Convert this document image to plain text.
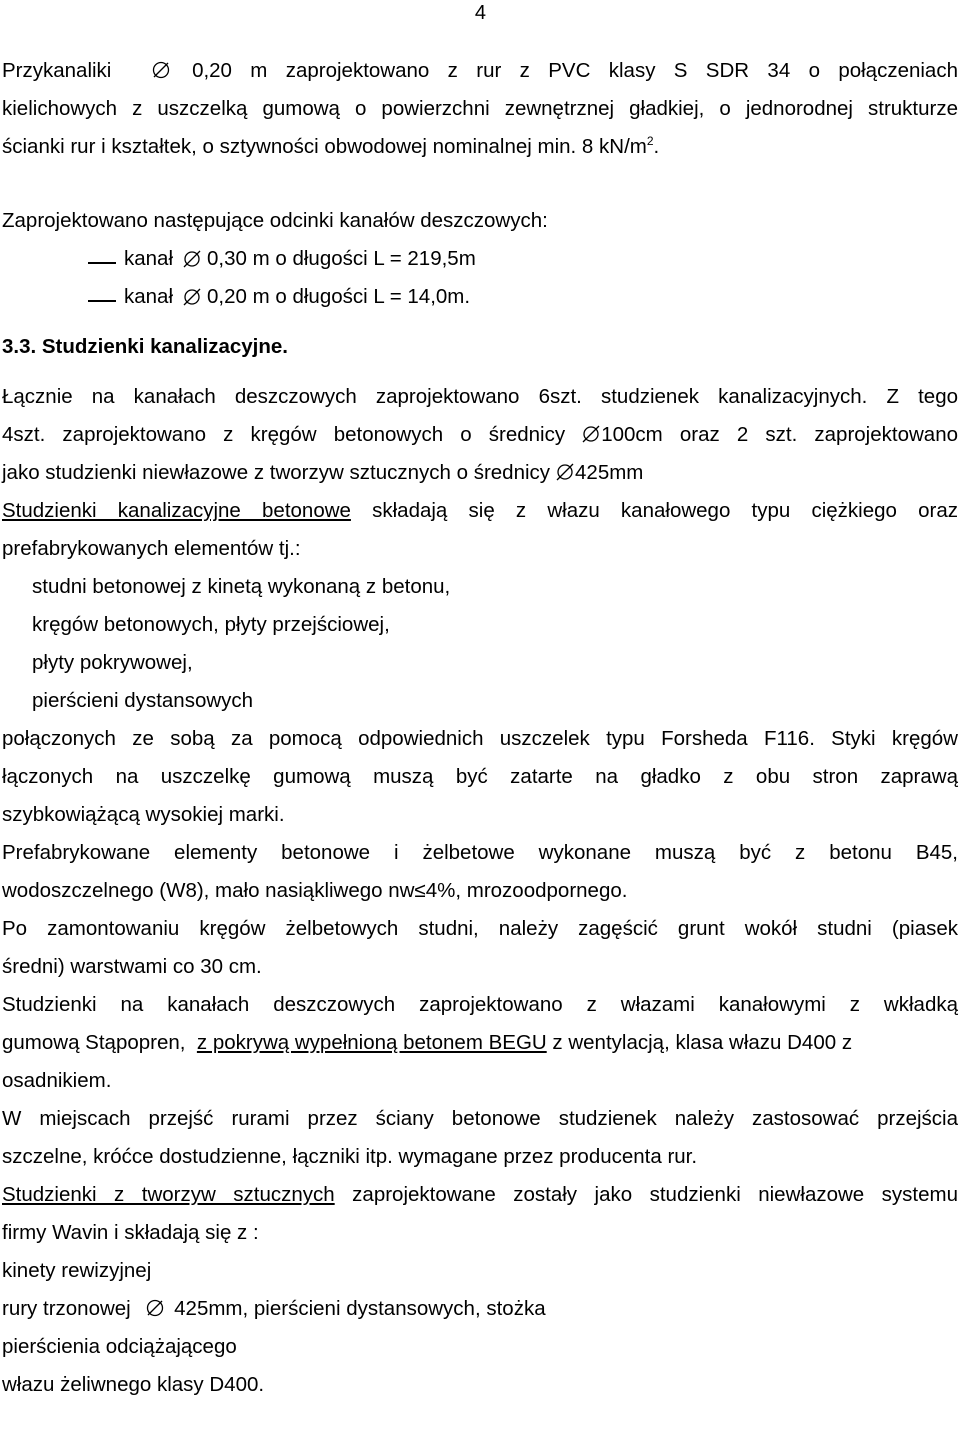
4

Przykanaliki	0,20 m zaprojektowano z rur z PVC klasy S SDR 34 o połączeniach

kielichowych z uszczelką gumową o powierzchni zewnętrznej gładkiej, o jednorodnej strukturze

ścianki rur i kształtek, o sztywności obwodowej nominalnej min. 8 $kN/m^2$.

Zaprojektowano następujące odcinki kanałów deszczowych:

kanał 0,30 m o długości L = 219,5m
kanał 0,20 m o długości L = 14,0m.
3.3. Studzienki kanalizacyjne.

Łącznie na kanałach deszczowych zaprojektowano 6szt. studzienek kanalizacyjnych. Z tego

4szt. zaprojektowano z kręgów betonowych o średnicy 100cm oraz 2 szt. zaprojektowano

jako studzienki niewłazowe z tworzyw sztucznych o średnicy 425mm

Studzienki kanalizacyjne betonowe składają się z włazu kanałowego typu ciężkiego oraz

prefabrykowanych elementów tj.:

studni betonowej z kinetą wykonaną z betonu,
kręgów betonowych, płyty przejściowej,
płyty pokrywowej,
pierścieni dystansowych

połączonych ze sobą za pomocą odpowiednich uszczelek typu Forsheda F116. Styki kręgów

łączonych na uszczelkę gumową muszą być zatarte na gładko z obu stron zaprawą

szybkowiążącą wysokiej marki.

Prefabrykowane elementy betonowe i żelbetowe wykonane muszą być z betonu B45,

wodoszczelnego (W8), mało nasiąkliwego nw≤4%, mrozoodpornego.

Po zamontowaniu kręgów żelbetowych studni, należy zagęścić grunt wokół studni (piasek

średni) warstwami co 30 cm.

Studzienki na kanałach deszczowych zaprojektowano z włazami kanałowymi z wkładką

gumową Stąpopren, z pokrywą wypełnioną betonem BEGU z wentylacją, klasa włazu D400 z

osadnikiem.

W miejscach przejść rurami przez ściany betonowe studzienek należy zastosować przejścia

szczelne, króćce dostudzienne, łączniki itp. wymagane przez producenta rur.

Studzienki z tworzyw sztucznych zaprojektowane zostały jako studzienki niewłazowe systemu

firmy Wavin i składają się z :

kinety rewizyjnej

rury trzonowej 425mm, pierścieni dystansowych, stożka

pierścienia odciążającego

włazu żeliwnego klasy D400.
